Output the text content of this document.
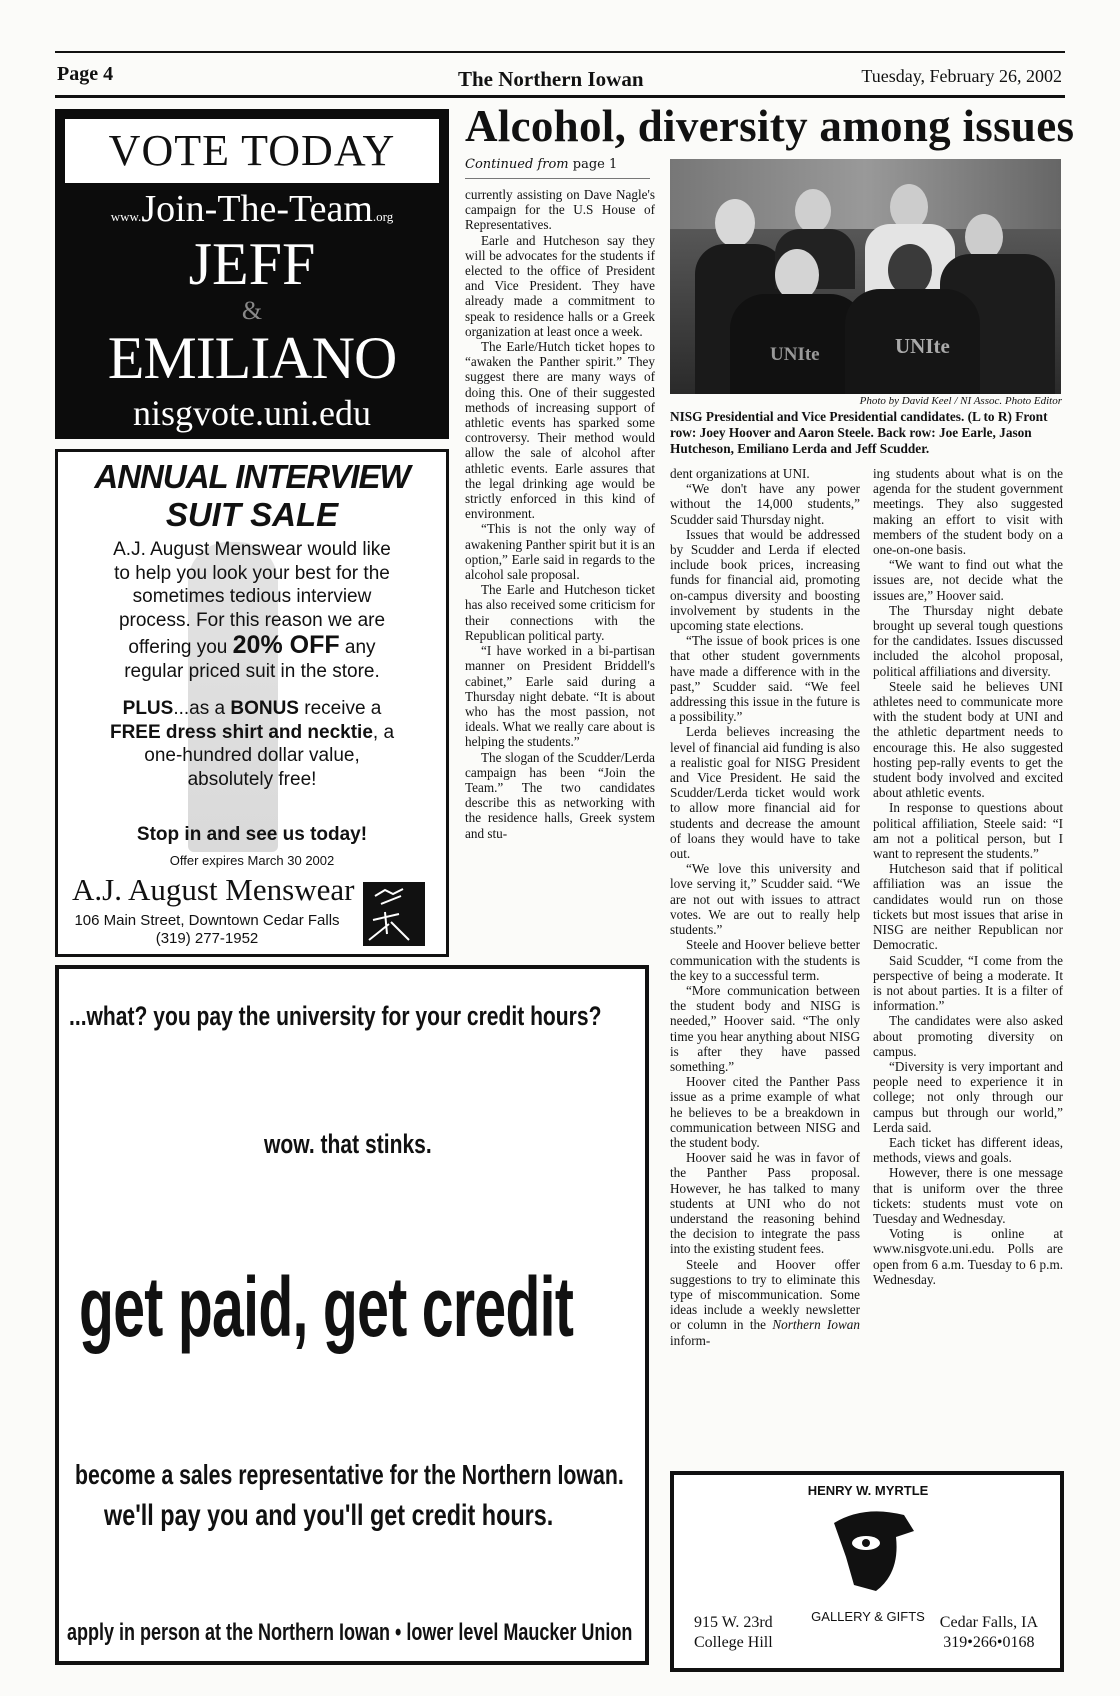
Page 4	The Northern Iowan	Tuesday, February 26, 2002
Alcohol, diversity among issues
Continued from page 1

currently assisting on Dave Nagle's campaign for the U.S House of Representatives.

Earle and Hutcheson say they will be advocates for the students if elected to the office of President and Vice President. They have already made a commitment to speak to residence halls or a Greek organization at least once a week.

The Earle/Hutch ticket hopes to “awaken the Panther spirit.” They suggest there are many ways of doing this. One of their suggested methods of increasing support of athletic events has sparked some controversy. Their method would allow the sale of alcohol after athletic events. Earle assures that the legal drinking age would be strictly enforced in this kind of environment.

“This is not the only way of awakening Panther spirit but it is an option,” Earle said in regards to the alcohol sale proposal.

The Earle and Hutcheson ticket has also received some criticism for their connections with the Republican political party.

“I have worked in a bi-partisan manner on President Briddell's cabinet,” Earle said during a Thursday night debate. “It is about who has the most passion, not ideals. What we really care about is helping the students.”

The slogan of the Scudder/Lerda campaign has been “Join the Team.” The two candidates describe this as networking with the residence halls, Greek system and stu-

UNIte	UNIte
Photo by David Keel / NI Assoc. Photo Editor
NISG Presidential and Vice Presidential candidates. (L to R) Front row: Joey Hoover and Aaron Steele. Back row: Joe Earle, Jason Hutcheson, Emiliano Lerda and Jeff Scudder.

dent organizations at UNI.

“We don't have any power without the 14,000 students,” Scudder said Thursday night.

Issues that would be addressed by Scudder and Lerda if elected include book prices, increasing funds for financial aid, promoting on-campus diversity and boosting involvement by students in the upcoming state elections.

“The issue of book prices is one that other student governments have made a difference with in the past,” Scudder said. “We feel addressing this issue in the future is a possibility.”

Lerda believes increasing the level of financial aid funding is also a realistic goal for NISG President and Vice President. He said the Scudder/Lerda ticket would work to allow more financial aid for students and decrease the amount of loans they would have to take out.

“We love this university and love serving it,” Scudder said. “We are not out with issues to attract votes. We are out to really help students.”

Steele and Hoover believe better communication with the students is the key to a successful term.

“More communication between the student body and NISG is needed,” Hoover said. “The only time you hear anything about NISG is after they have passed something.”

Hoover cited the Panther Pass issue as a prime example of what he believes to be a breakdown in communication between NISG and the student body.

Hoover said he was in favor of the Panther Pass proposal. However, he has talked to many students at UNI who do not understand the reasoning behind the decision to integrate the pass into the existing student fees.

Steele and Hoover offer suggestions to try to eliminate this type of miscommunication. Some ideas include a weekly newsletter or column in the Northern Iowan inform-

ing students about what is on the agenda for the student government meetings. They also suggested making an effort to visit with members of the student body on a one-on-one basis.

“We want to find out what the issues are, not decide what the issues are,” Hoover said.

The Thursday night debate brought up several tough questions for the candidates. Issues discussed included the alcohol proposal, political affiliations and diversity.

Steele said he believes UNI athletes need to communicate more with the student body at UNI and the athletic department needs to encourage this. He also suggested hosting pep-rally events to get the student body involved and excited about athletic events.

In response to questions about political affiliation, Steele said: “I am not a political person, but I want to represent the students.”

Hutcheson said that if political affiliation was an issue the candidates would run on those tickets but most issues that arise in NISG are neither Republican nor Democratic.

Said Scudder, “I come from the perspective of being a moderate. It is not about parties. It is a filter of information.”

The candidates were also asked about promoting diversity on campus.

“Diversity is very important and people need to experience it in college; not only through our campus but through our world,” Lerda said.

Each ticket has different ideas, methods, views and goals.

However, there is one message that is uniform over the three tickets: students must vote on Tuesday and Wednesday.

Voting is online at www.nisgvote.uni.edu. Polls are open from 6 a.m. Tuesday to 6 p.m. Wednesday.

VOTE TODAY
www.Join-The-Team.org
JEFF
&
EMILIANO
nisgvote.uni.edu
ANNUAL INTERVIEW
SUIT SALE
A.J. August Menswear would like
to help you look your best for the
sometimes tedious interview
process. For this reason we are
offering you 20% OFF any
regular priced suit in the store.
PLUS...as a BONUS receive a
FREE dress shirt and necktie, a
one-hundred dollar value,
absolutely free!
Stop in and see us today!
Offer expires March 30 2002
A.J. August Menswear
106 Main Street, Downtown Cedar Falls
(319) 277-1952
...what? you pay the university for your credit hours?
wow. that stinks.
get paid, get credit
become a sales representative for the Northern Iowan.
we'll pay you and you'll get credit hours.
apply in person at the Northern Iowan • lower level Maucker Union
HENRY W. MYRTLE
GALLERY & GIFTS
915 W. 23rd
College Hill
Cedar Falls, IA
319•266•0168
